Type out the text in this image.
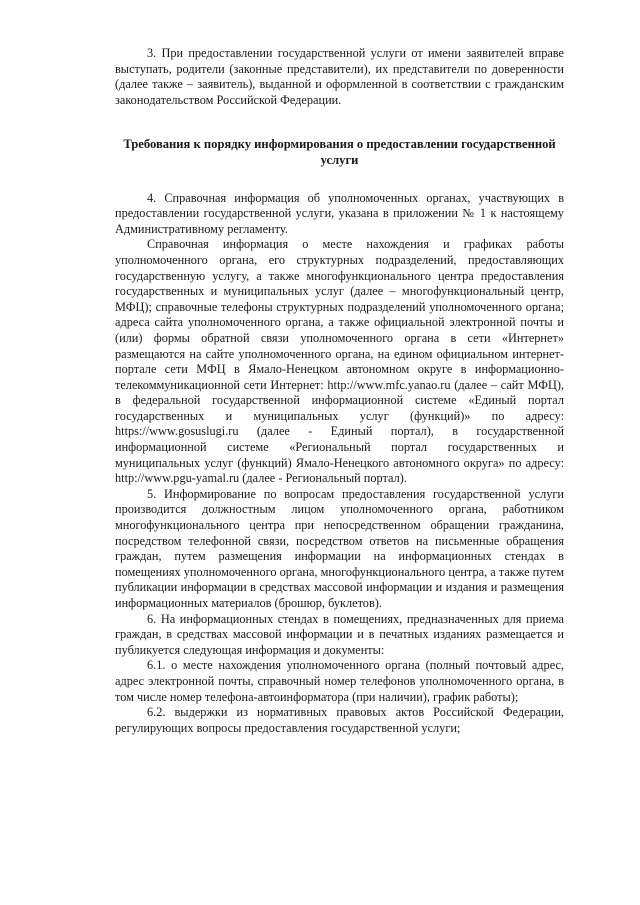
3. При предоставлении государственной услуги от имени заявителей вправе выступать, родители (законные представители), их представители по доверенности (далее также – заявитель), выданной и оформленной в соответствии с гражданским законодательством Российской Федерации.

Требования к порядку информирования о предоставлении государственной услуги

4. Справочная информация об уполномоченных органах, участвующих в предоставлении государственной услуги, указана в приложении № 1 к настоящему Административному регламенту.

Справочная информация о месте нахождения и графиках работы уполномоченного органа, его структурных подразделений, предоставляющих государственную услугу, а также многофункционального центра предоставления государственных и муниципальных услуг (далее – многофункциональный центр, МФЦ); справочные телефоны структурных подразделений уполномоченного органа; адреса сайта уполномоченного органа, а также официальной электронной почты и (или) формы обратной связи уполномоченного органа в сети «Интернет» размещаются на сайте уполномоченного органа, на едином официальном интернет-портале сети МФЦ в Ямало-Ненецком автономном округе в информационно-телекоммуникационной сети Интернет: http://www.mfc.yanao.ru (далее – сайт МФЦ), в федеральной государственной информационной системе «Единый портал государственных и муниципальных услуг (функций)» по адресу: https://www.gosuslugi.ru (далее - Единый портал), в государственной информационной системе «Региональный портал государственных и муниципальных услуг (функций) Ямало-Ненецкого автономного округа» по адресу: http://www.pgu-yamal.ru (далее - Региональный портал).

5. Информирование по вопросам предоставления государственной услуги производится должностным лицом уполномоченного органа, работником многофункционального центра при непосредственном обращении гражданина, посредством телефонной связи, посредством ответов на письменные обращения граждан, путем размещения информации на информационных стендах в помещениях уполномоченного органа, многофункционального центра, а также путем публикации информации в средствах массовой информации и издания и размещения информационных материалов (брошюр, буклетов).

6. На информационных стендах в помещениях, предназначенных для приема граждан, в средствах массовой информации и в печатных изданиях размещается и публикуется следующая информация и документы:

6.1. о месте нахождения уполномоченного органа (полный почтовый адрес, адрес электронной почты, справочный номер телефонов уполномоченного органа, в том числе номер телефона-автоинформатора (при наличии), график работы);

6.2. выдержки из нормативных правовых актов Российской Федерации, регулирующих вопросы предоставления государственной услуги;
